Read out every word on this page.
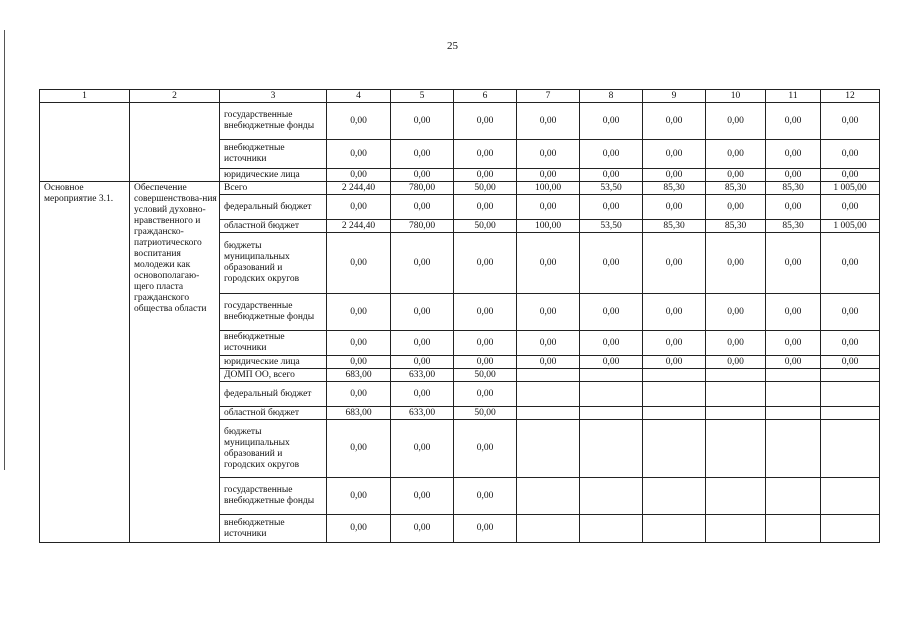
25
1	2	3	4	5	6	7	8	9	10	11	12
		государственные внебюджетные фонды	0,00	0,00	0,00	0,00	0,00	0,00	0,00	0,00	0,00
		внебюджетные источники	0,00	0,00	0,00	0,00	0,00	0,00	0,00	0,00	0,00
		юридические лица	0,00	0,00	0,00	0,00	0,00	0,00	0,00	0,00	0,00
Основное мероприятие 3.1.	Обеспечение совершенствова-ния условий духовно-нравственного и гражданско-патриотического воспитания молодежи как основополагаю-щего пласта гражданского общества области	Всего	2 244,40	780,00	50,00	100,00	53,50	85,30	85,30	85,30	1 005,00
		федеральный бюджет	0,00	0,00	0,00	0,00	0,00	0,00	0,00	0,00	0,00
		областной бюджет	2 244,40	780,00	50,00	100,00	53,50	85,30	85,30	85,30	1 005,00
		бюджеты муниципальных образований и городских округов	0,00	0,00	0,00	0,00	0,00	0,00	0,00	0,00	0,00
		государственные внебюджетные фонды	0,00	0,00	0,00	0,00	0,00	0,00	0,00	0,00	0,00
		внебюджетные источники	0,00	0,00	0,00	0,00	0,00	0,00	0,00	0,00	0,00
		юридические лица	0,00	0,00	0,00	0,00	0,00	0,00	0,00	0,00	0,00
		ДОМП ОО, всего	683,00	633,00	50,00						
		федеральный бюджет	0,00	0,00	0,00						
		областной бюджет	683,00	633,00	50,00						
		бюджеты муниципальных образований и городских округов	0,00	0,00	0,00						
		государственные внебюджетные фонды	0,00	0,00	0,00						
		внебюджетные источники	0,00	0,00	0,00						
